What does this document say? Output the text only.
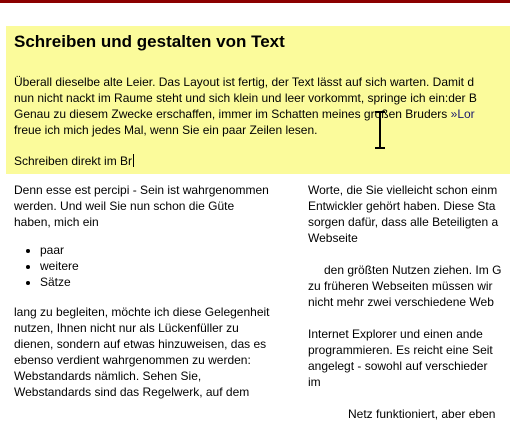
Schreiben und gestalten von Text
Überall dieselbe alte Leier. Das Layout ist fertig, der Text lässt auf sich warten. Damit d
nun nicht nackt im Raume steht und sich klein und leer vorkommt, springe ich ein:der B
Genau zu diesem Zwecke erschaffen, immer im Schatten meines großen Bruders »Lor
freue ich mich jedes Mal, wenn Sie ein paar Zeilen lesen.
Schreiben direkt im Br

Denn esse est percipi - Sein ist wahrgenommen

werden. Und weil Sie nun schon die Güte

haben, mich ein

• paar
• weitere
• Sätze

lang zu begleiten, möchte ich diese Gelegenheit

nutzen, Ihnen nicht nur als Lückenfüller zu

dienen, sondern auf etwas hinzuweisen, das es

ebenso verdient wahrgenommen zu werden:

Webstandards nämlich. Sehen Sie,

Webstandards sind das Regelwerk, auf dem

Worte, die Sie vielleicht schon einm

Entwickler gehört haben. Diese Sta

sorgen dafür, dass alle Beteiligten a

Webseite

den größten Nutzen ziehen. Im G

zu früheren Webseiten müssen wir

nicht mehr zwei verschiedene Web

Internet Explorer und einen ande

programmieren. Es reicht eine Seit

angelegt - sowohl auf verschieder

im

Netz funktioniert, aber eben
